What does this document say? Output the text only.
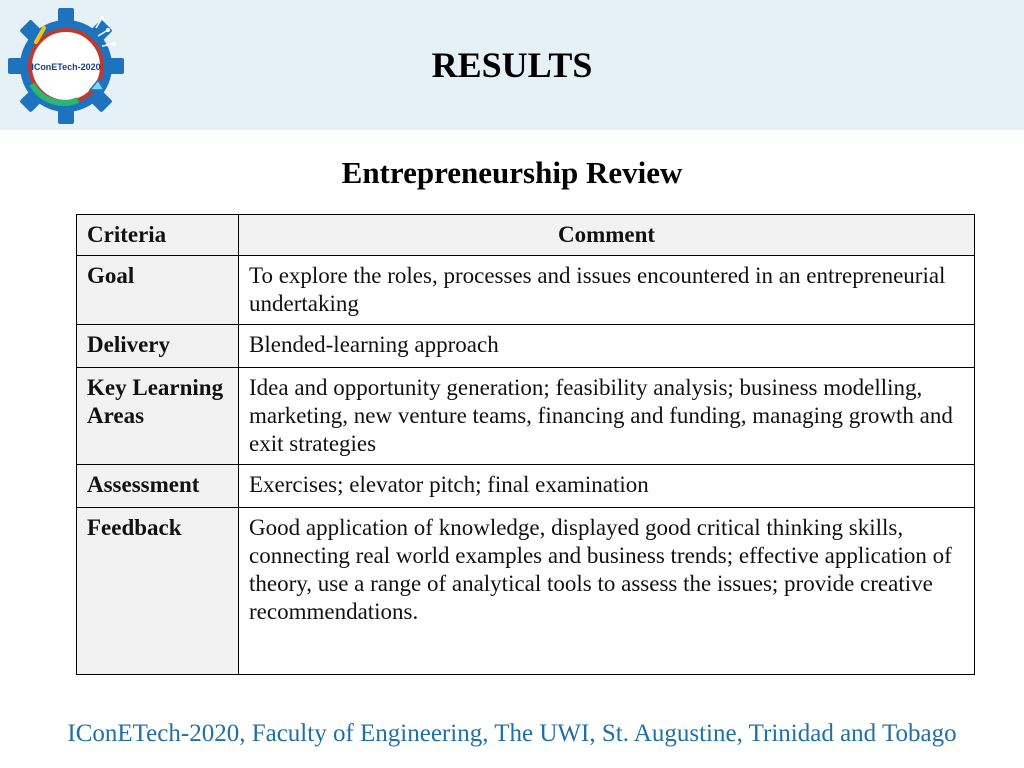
IConETech-2020	RESULTS
Entrepreneurship Review
Criteria	Comment
Goal	To explore the roles, processes and issues encountered in an entrepreneurial undertaking
Delivery	Blended-learning approach
Key Learning Areas	Idea and opportunity generation; feasibility analysis; business modelling, marketing, new venture teams, financing and funding, managing growth and exit strategies
Assessment	Exercises; elevator pitch; final examination
Feedback	Good application of knowledge, displayed good critical thinking skills, connecting real world examples and business trends; effective application of theory, use a range of analytical tools to assess the issues; provide creative recommendations.

IConETech-2020, Faculty of Engineering, The UWI, St. Augustine, Trinidad and Tobago
